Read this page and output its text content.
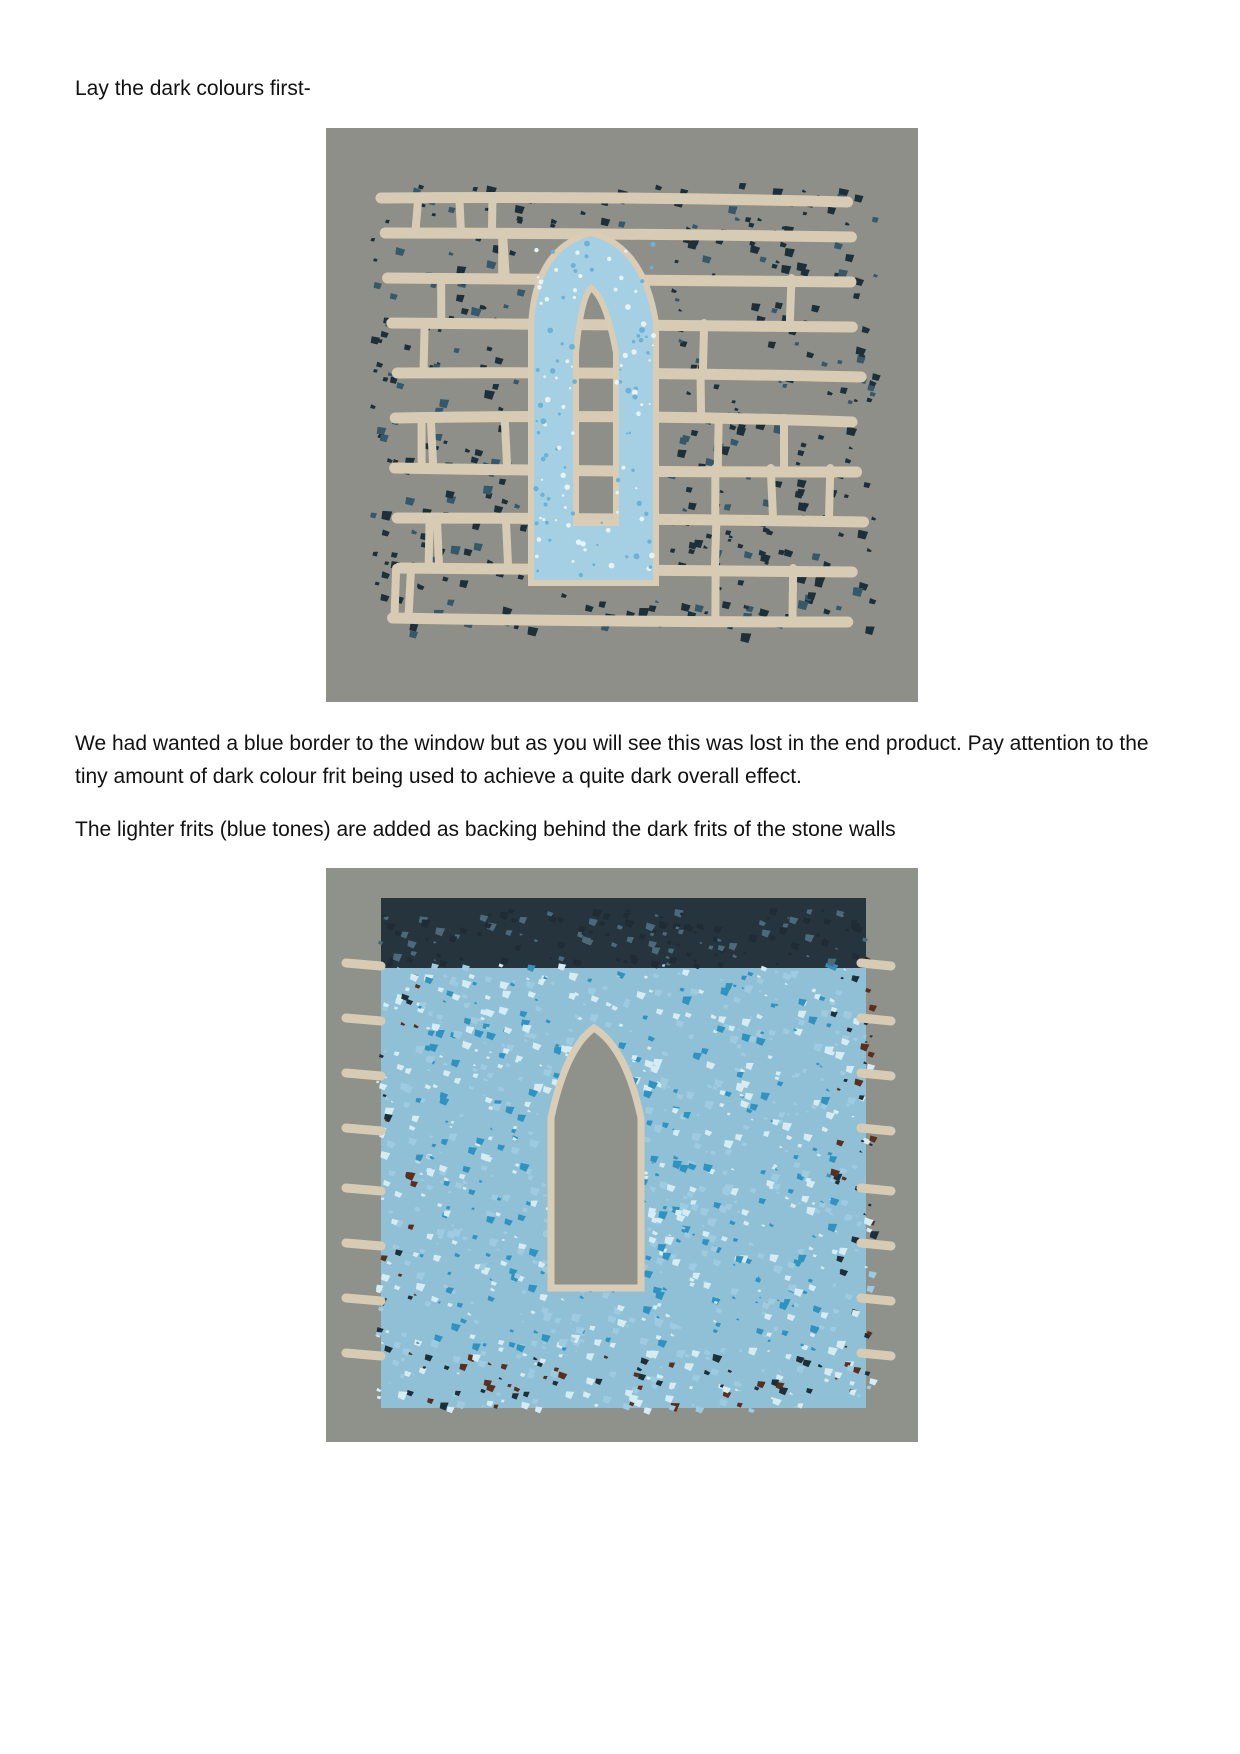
Lay the dark colours first-

We had wanted a blue border to the window but as you will see this was lost in the end product. Pay attention to the tiny amount of dark colour frit being used to achieve a quite dark overall effect.

The lighter frits (blue tones) are added as backing behind the dark frits of the stone walls
